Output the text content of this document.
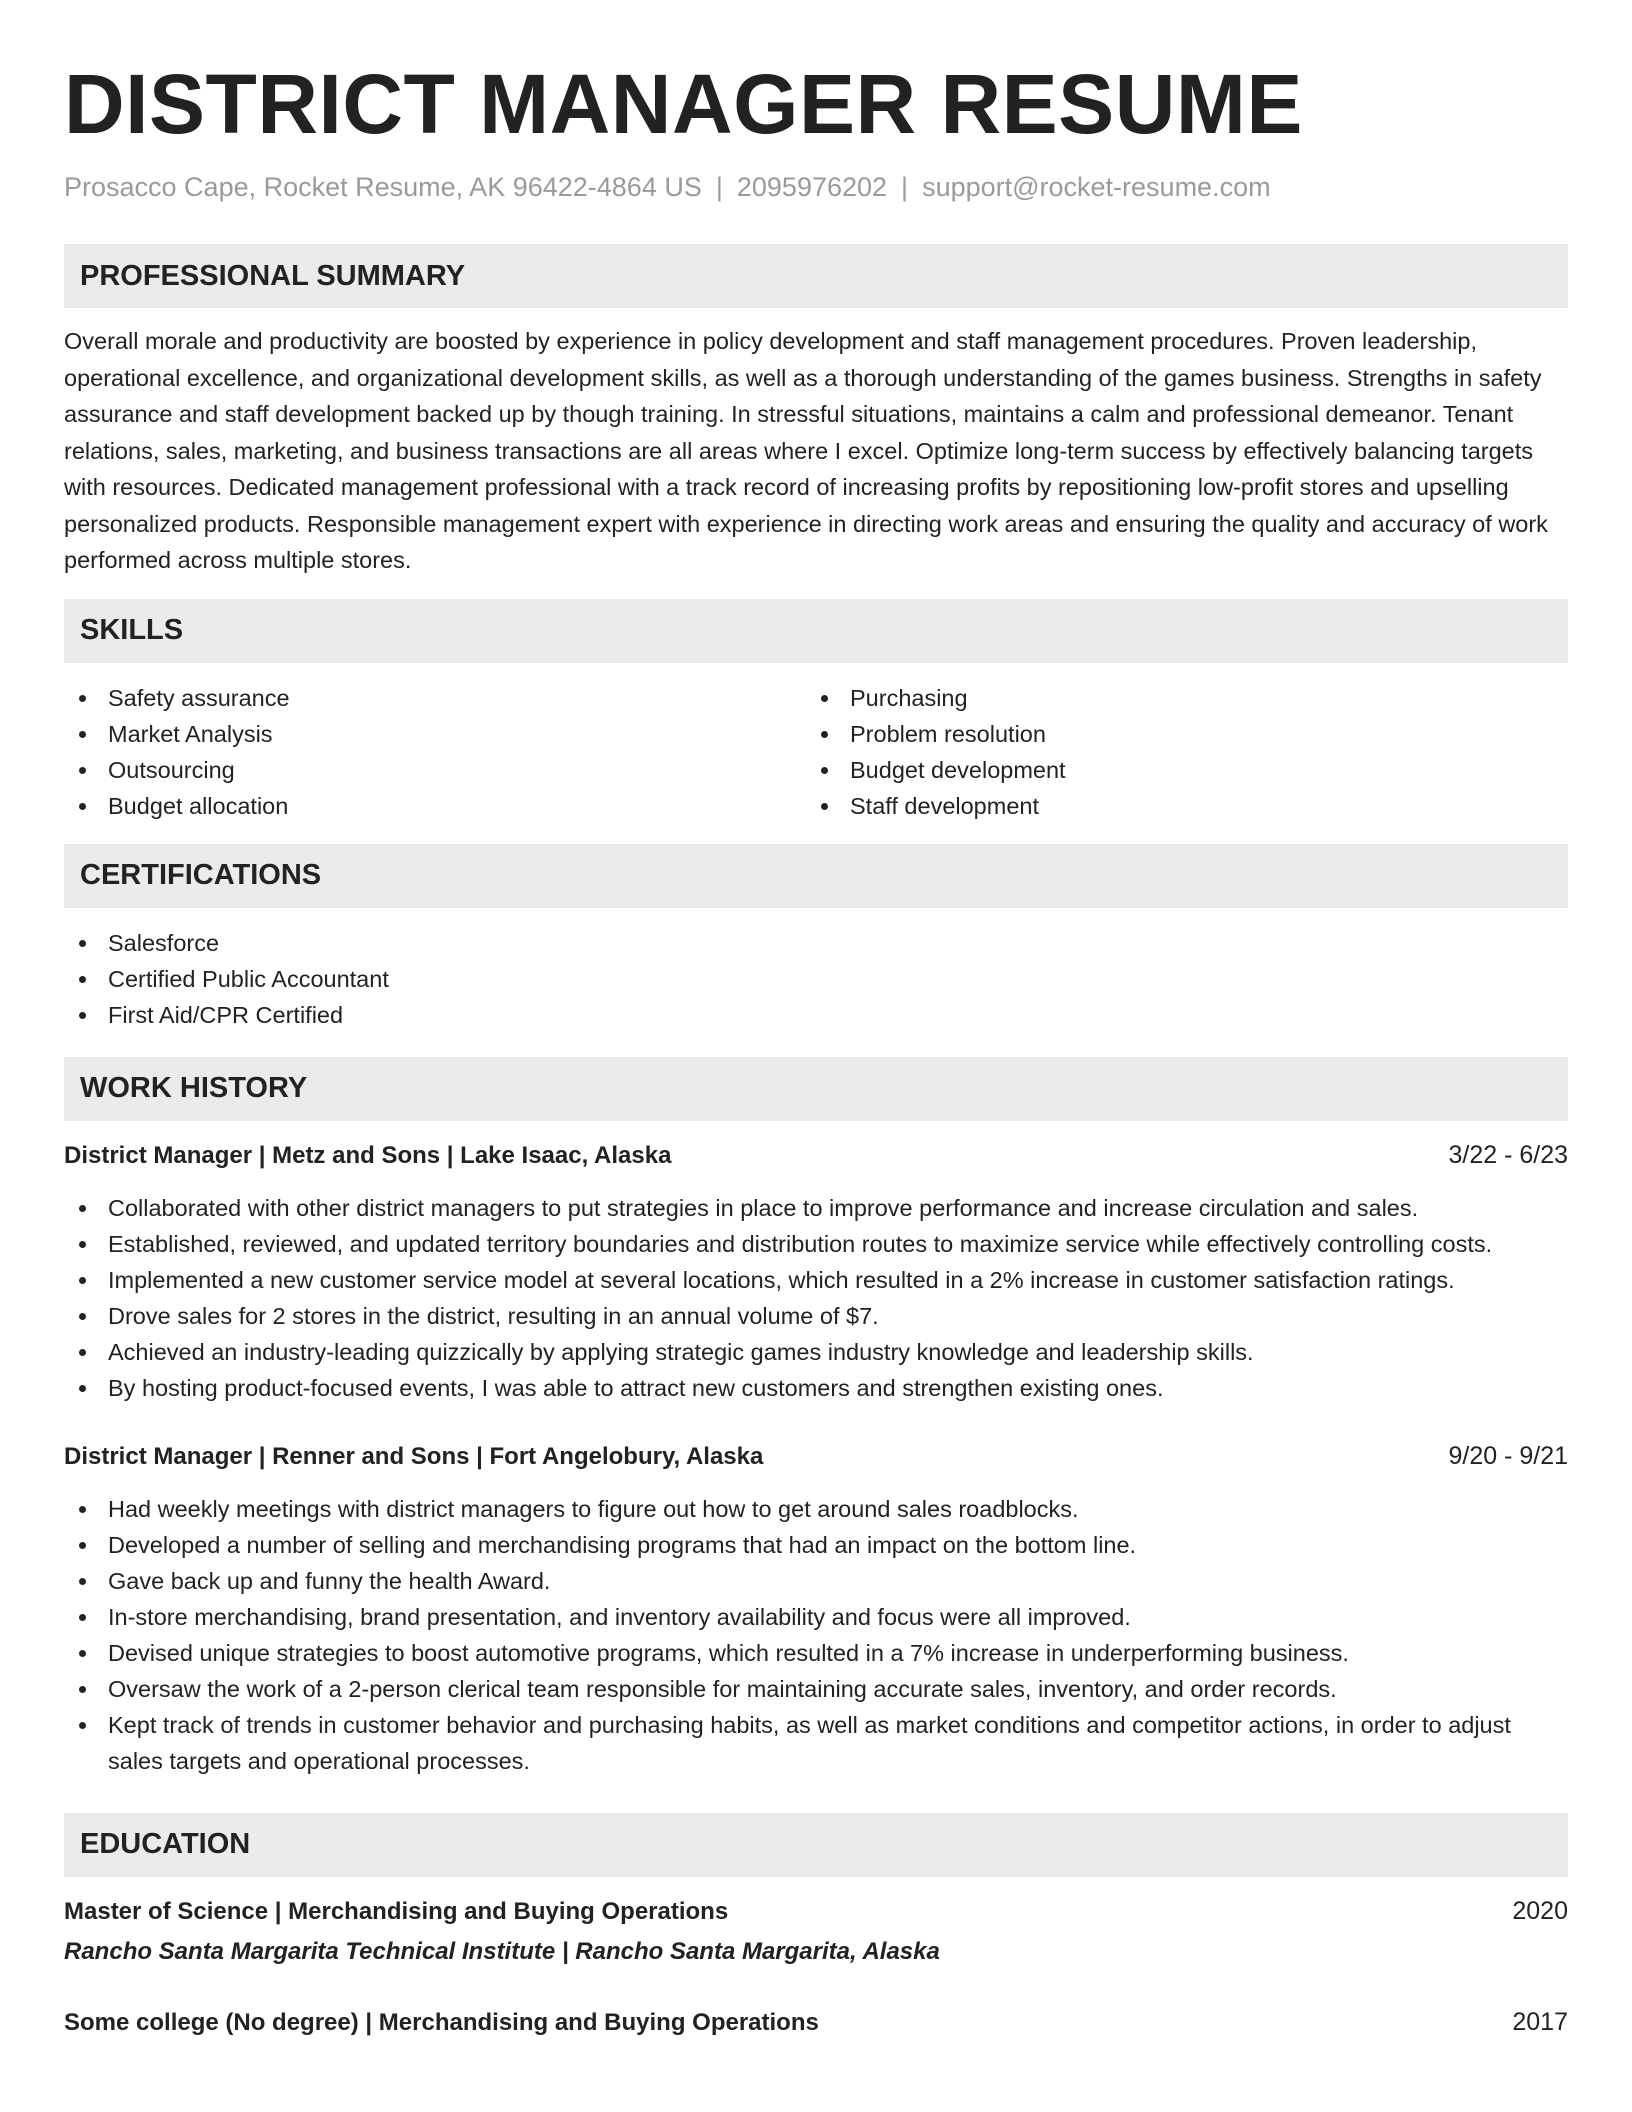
DISTRICT MANAGER RESUME
Prosacco Cape, Rocket Resume, AK 96422-4864 US | 2095976202 | support@rocket-resume.com
PROFESSIONAL SUMMARY

Overall morale and productivity are boosted by experience in policy development and staff management procedures. Proven leadership, operational excellence, and organizational development skills, as well as a thorough understanding of the games business. Strengths in safety assurance and staff development backed up by though training. In stressful situations, maintains a calm and professional demeanor. Tenant relations, sales, marketing, and business transactions are all areas where I excel. Optimize long-term success by effectively balancing targets with resources. Dedicated management professional with a track record of increasing profits by repositioning low-profit stores and upselling personalized products. Responsible management expert with experience in directing work areas and ensuring the quality and accuracy of work performed across multiple stores.

SKILLS
Safety assurance
Market Analysis
Outsourcing
Budget allocation
Purchasing
Problem resolution
Budget development
Staff development
CERTIFICATIONS
Salesforce
Certified Public Accountant
First Aid/CPR Certified
WORK HISTORY
District Manager | Metz and Sons | Lake Isaac, Alaska	3/22 - 6/23
Collaborated with other district managers to put strategies in place to improve performance and increase circulation and sales.
Established, reviewed, and updated territory boundaries and distribution routes to maximize service while effectively controlling costs.
Implemented a new customer service model at several locations, which resulted in a 2% increase in customer satisfaction ratings.
Drove sales for 2 stores in the district, resulting in an annual volume of $7.
Achieved an industry-leading quizzically by applying strategic games industry knowledge and leadership skills.
By hosting product-focused events, I was able to attract new customers and strengthen existing ones.
District Manager | Renner and Sons | Fort Angelobury, Alaska	9/20 - 9/21
Had weekly meetings with district managers to figure out how to get around sales roadblocks.
Developed a number of selling and merchandising programs that had an impact on the bottom line.
Gave back up and funny the health Award.
In-store merchandising, brand presentation, and inventory availability and focus were all improved.
Devised unique strategies to boost automotive programs, which resulted in a 7% increase in underperforming business.
Oversaw the work of a 2-person clerical team responsible for maintaining accurate sales, inventory, and order records.
Kept track of trends in customer behavior and purchasing habits, as well as market conditions and competitor actions, in order to adjust sales targets and operational processes.
EDUCATION
Master of Science | Merchandising and Buying Operations	2020
Rancho Santa Margarita Technical Institute | Rancho Santa Margarita, Alaska
Some college (No degree) | Merchandising and Buying Operations	2017
